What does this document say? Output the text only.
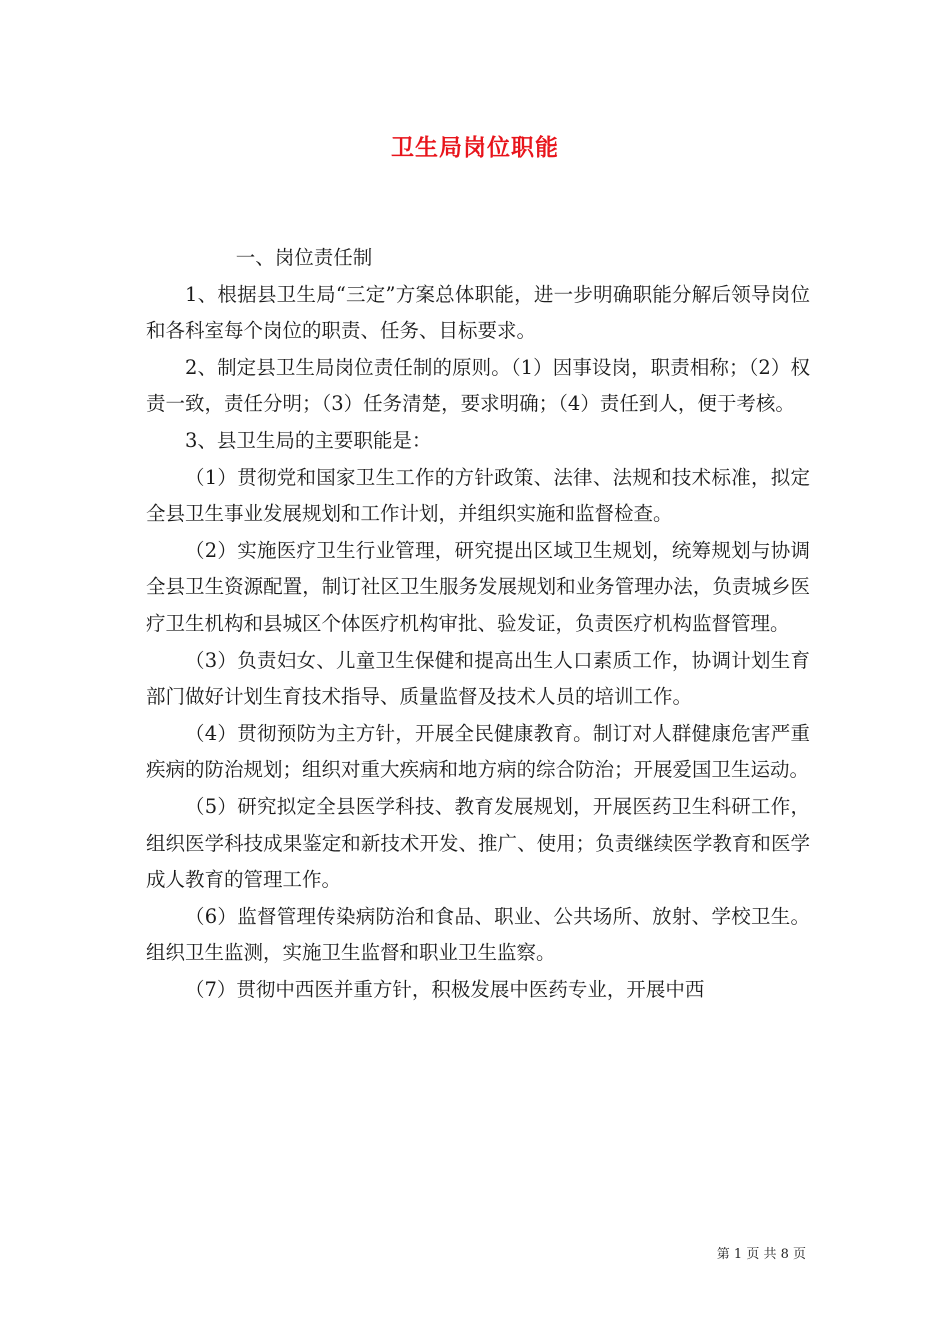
卫生局岗位职能

一、岗位责任制

1、根据县卫生局“三定”方案总体职能，进一步明确职能分解后领导岗位和各科室每个岗位的职责、任务、目标要求。

2、制定县卫生局岗位责任制的原则。（1）因事设岗，职责相称；（2）权责一致，责任分明；（3）任务清楚，要求明确；（4）责任到人，便于考核。

3、县卫生局的主要职能是：

（1）贯彻党和国家卫生工作的方针政策、法律、法规和技术标准，拟定全县卫生事业发展规划和工作计划，并组织实施和监督检查。

（2）实施医疗卫生行业管理，研究提出区域卫生规划，统筹规划与协调全县卫生资源配置，制订社区卫生服务发展规划和业务管理办法，负责城乡医疗卫生机构和县城区个体医疗机构审批、验发证，负责医疗机构监督管理。

（3）负责妇女、儿童卫生保健和提高出生人口素质工作，协调计划生育部门做好计划生育技术指导、质量监督及技术人员的培训工作。

（4）贯彻预防为主方针，开展全民健康教育。制订对人群健康危害严重疾病的防治规划；组织对重大疾病和地方病的综合防治；开展爱国卫生运动。

（5）研究拟定全县医学科技、教育发展规划，开展医药卫生科研工作，组织医学科技成果鉴定和新技术开发、推广、使用；负责继续医学教育和医学成人教育的管理工作。

（6）监督管理传染病防治和食品、职业、公共场所、放射、学校卫生。组织卫生监测，实施卫生监督和职业卫生监察。

（7）贯彻中西医并重方针，积极发展中医药专业，开展中西

第 1 页 共 8 页
